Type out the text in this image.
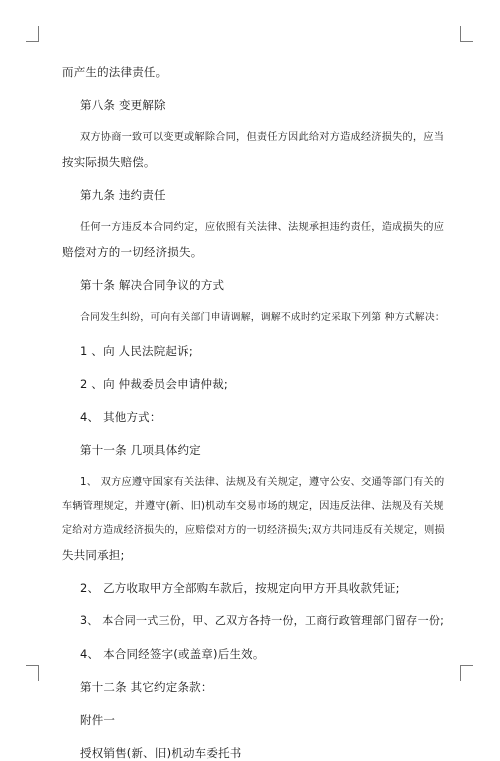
而产生的法律责任。
第八条 变更解除
双方协商一致可以变更或解除合同，但责任方因此给对方造成经济损失的，应当
按实际损失赔偿。
第九条 违约责任
任何一方违反本合同约定，应依照有关法律、法规承担违约责任，造成损失的应
赔偿对方的一切经济损失。
第十条 解决合同争议的方式
合同发生纠纷，可向有关部门申请调解，调解不成时约定采取下列第 种方式解决：
1 、向 人民法院起诉;
2 、向 仲裁委员会申请仲裁;
4、 其他方式：
第十一条 几项具体约定
1、 双方应遵守国家有关法律、法规及有关规定，遵守公安、交通等部门有关的
车辆管理规定，并遵守(新、旧)机动车交易市场的规定，因违反法律、法规及有关规
定给对方造成经济损失的，应赔偿对方的一切经济损失;双方共同违反有关规定，则损
失共同承担;
2、 乙方收取甲方全部购车款后，按规定向甲方开具收款凭证;
3、 本合同一式三份，甲、乙双方各持一份，工商行政管理部门留存一份;
4、 本合同经签字(或盖章)后生效。
第十二条 其它约定条款：
附件一
授权销售(新、旧)机动车委托书
